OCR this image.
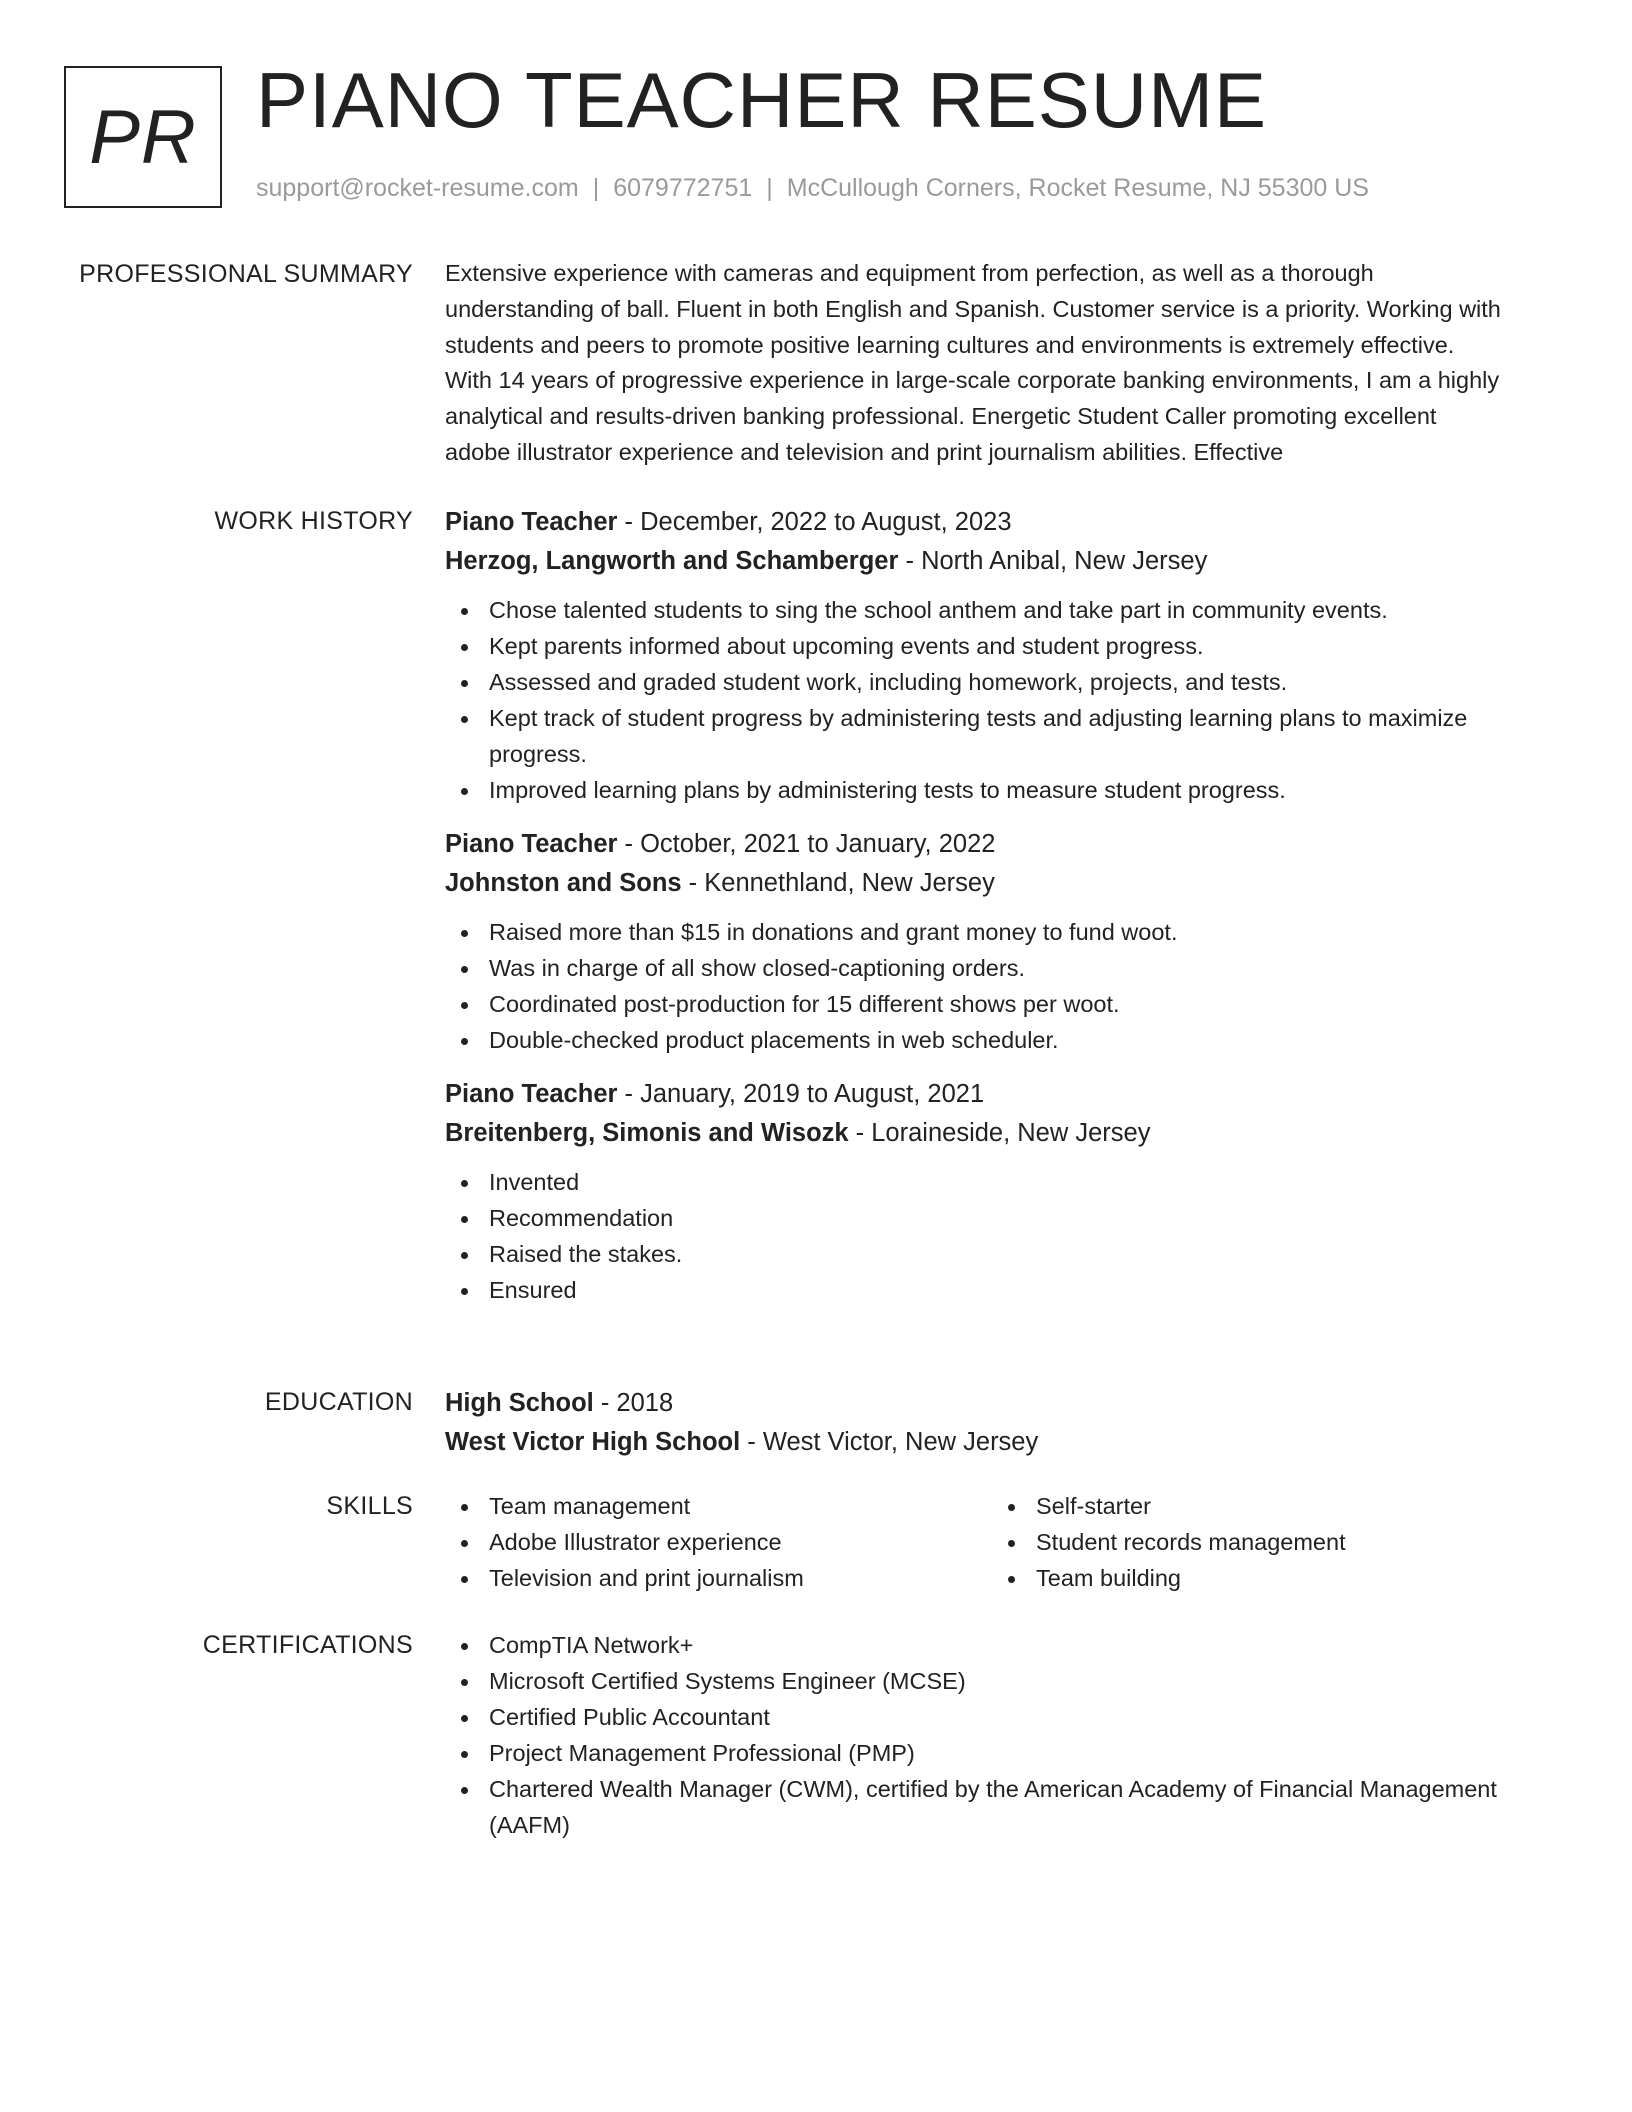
PR PIANO TEACHER RESUME
support@rocket-resume.com | 6079772751 | McCullough Corners, Rocket Resume, NJ 55300 US
PROFESSIONAL SUMMARY Extensive experience with cameras and equipment from perfection, as well as a thorough
understanding of ball. Fluent in both English and Spanish. Customer service is a priority. Working with
students and peers to promote positive learning cultures and environments is extremely effective.
With 14 years of progressive experience in large-scale corporate banking environments, I am a highly
analytical and results-driven banking professional. Energetic Student Caller promoting excellent
adobe illustrator experience and television and print journalism abilities. Effective
WORK HISTORY Piano Teacher - December, 2022 to August, 2023
Herzog, Langworth and Schamberger - North Anibal, New Jersey
Chose talented students to sing the school anthem and take part in community events.
Kept parents informed about upcoming events and student progress.
Assessed and graded student work, including homework, projects, and tests.
Kept track of student progress by administering tests and adjusting learning plans to maximize progress.
Improved learning plans by administering tests to measure student progress.
Piano Teacher - October, 2021 to January, 2022
Johnston and Sons - Kennethland, New Jersey
Raised more than $15 in donations and grant money to fund woot.
Was in charge of all show closed-captioning orders.
Coordinated post-production for 15 different shows per woot.
Double-checked product placements in web scheduler.
Piano Teacher - January, 2019 to August, 2021
Breitenberg, Simonis and Wisozk - Loraineside, New Jersey
Invented
Recommendation
Raised the stakes.
Ensured
EDUCATION High School - 2018
West Victor High School - West Victor, New Jersey
SKILLS	Team management
Adobe Illustrator experience
Television and print journalism
Self-starter
Student records management
Team building
CERTIFICATIONS	CompTIA Network+
Microsoft Certified Systems Engineer (MCSE)
Certified Public Accountant
Project Management Professional (PMP)
Chartered Wealth Manager (CWM), certified by the American Academy of Financial Management (AAFM)
